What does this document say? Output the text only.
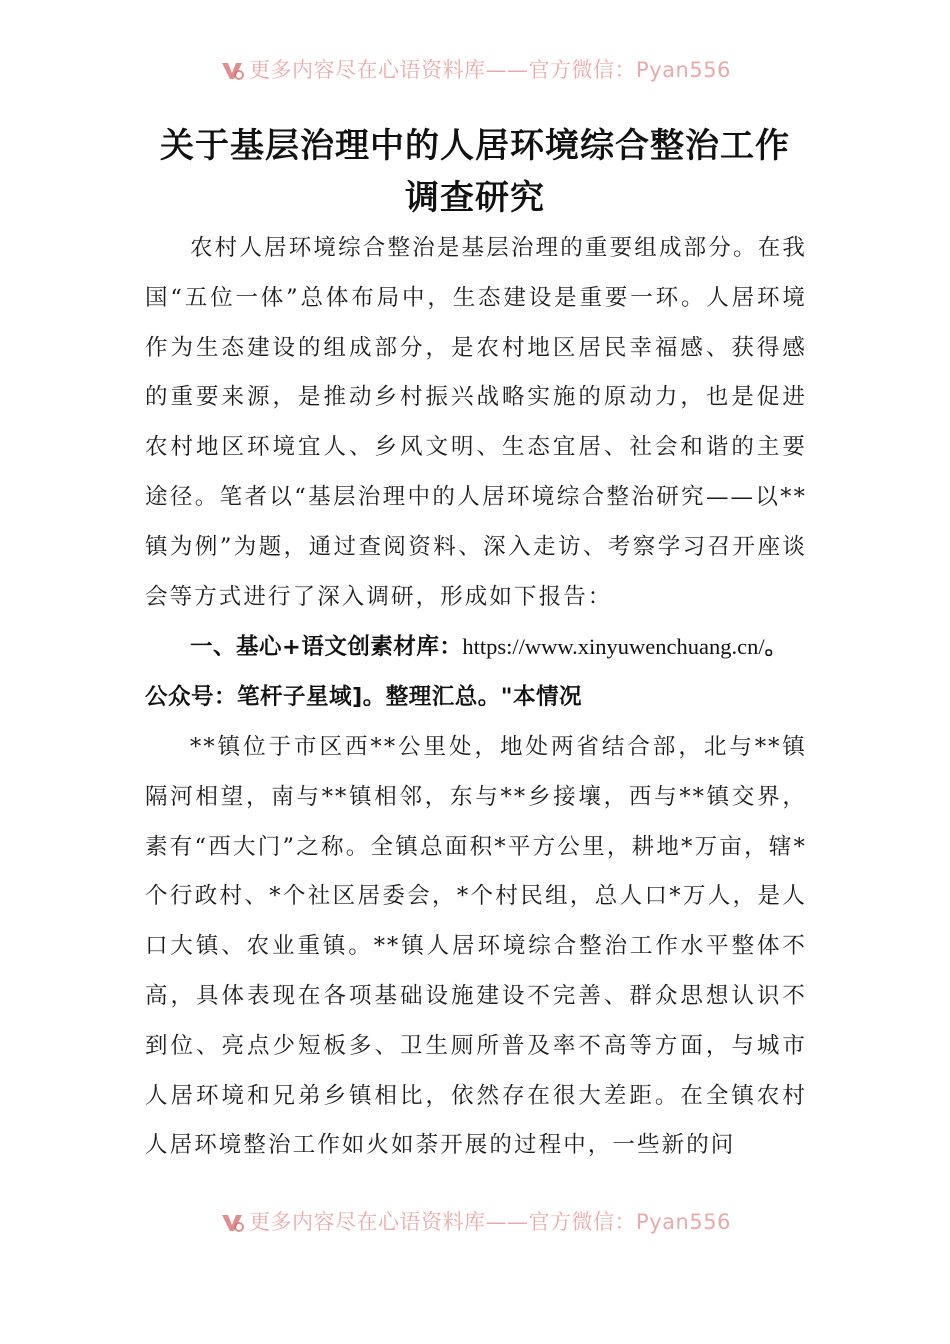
更多内容尽在心语资料库——官方微信：Pyan556
关于基层治理中的人居环境综合整治工作调查研究

农村人居环境综合整治是基层治理的重要组成部分。在我国“五位一体”总体布局中，生态建设是重要一环。人居环境作为生态建设的组成部分，是农村地区居民幸福感、获得感的重要来源，是推动乡村振兴战略实施的原动力，也是促进农村地区环境宜人、乡风文明、生态宜居、社会和谐的主要途径。笔者以“基层治理中的人居环境综合整治研究——以**镇为例”为题，通过查阅资料、深入走访、考察学习召开座谈会等方式进行了深入调研，形成如下报告：

一、基心+语文创素材库：https://www.xinyuwenchuang.cn/。公众号：笔杆子星域]。整理汇总。"本情况

**镇位于市区西**公里处，地处两省结合部，北与**镇隔河相望，南与**镇相邻，东与**乡接壤，西与**镇交界，素有“西大门”之称。全镇总面积*平方公里，耕地*万亩，辖*个行政村、*个社区居委会，*个村民组，总人口*万人，是人口大镇、农业重镇。**镇人居环境综合整治工作水平整体不高，具体表现在各项基础设施建设不完善、群众思想认识不到位、亮点少短板多、卫生厕所普及率不高等方面，与城市人居环境和兄弟乡镇相比，依然存在很大差距。在全镇农村人居环境整治工作如火如荼开展的过程中，一些新的问

更多内容尽在心语资料库——官方微信：Pyan556
